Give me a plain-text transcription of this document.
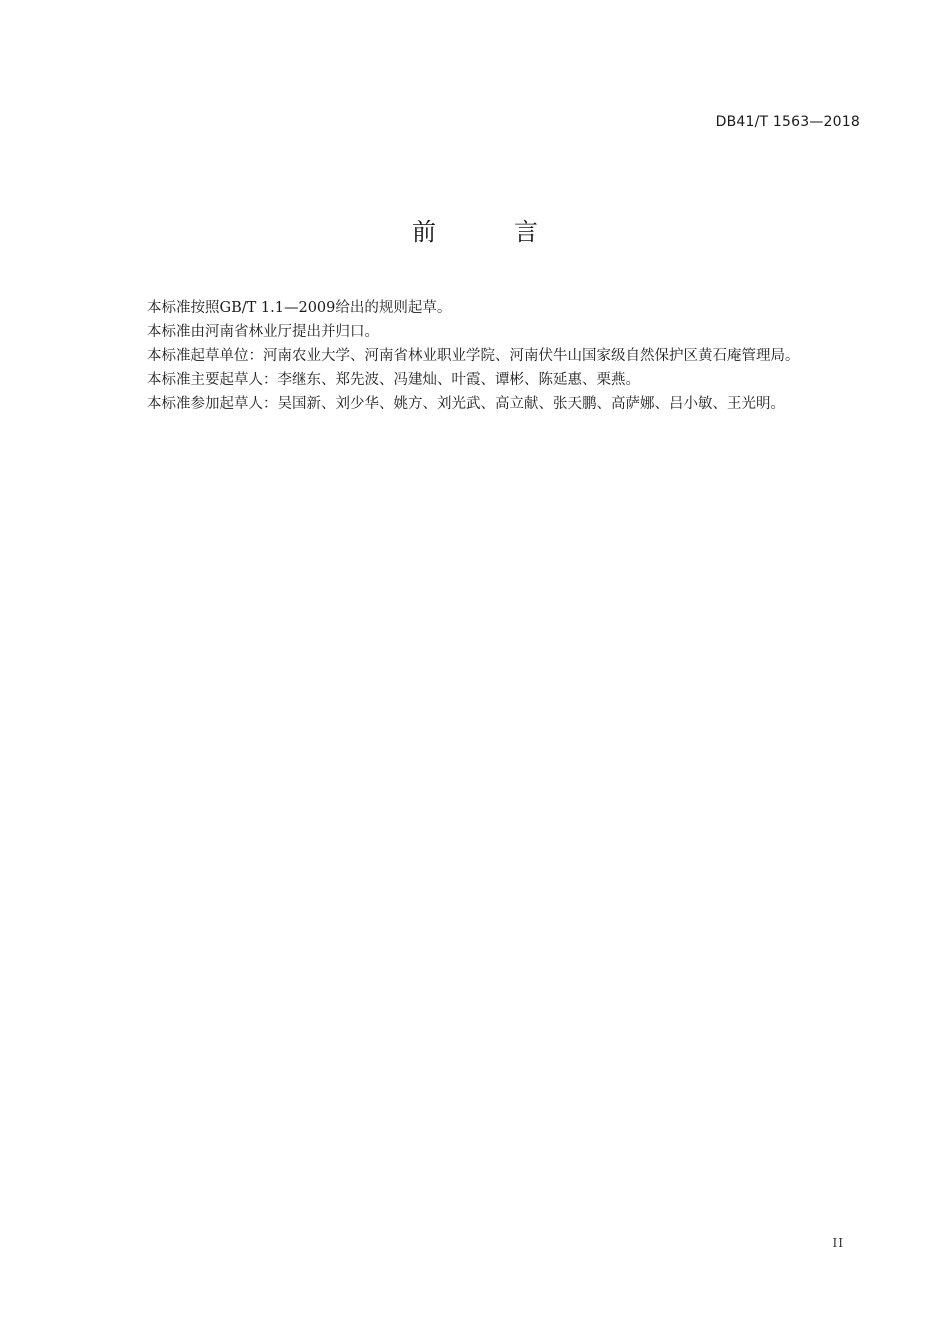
DB41/T 1563—2018
前言

本标准按照GB/T 1.1—2009给出的规则起草。

本标准由河南省林业厅提出并归口。

本标准起草单位：河南农业大学、河南省林业职业学院、河南伏牛山国家级自然保护区黄石庵管理局。

本标准主要起草人：李继东、郑先波、冯建灿、叶霞、谭彬、陈延惠、栗燕。

本标准参加起草人：吴国新、刘少华、姚方、刘光武、高立献、张天鹏、高萨娜、吕小敏、王光明。

II
